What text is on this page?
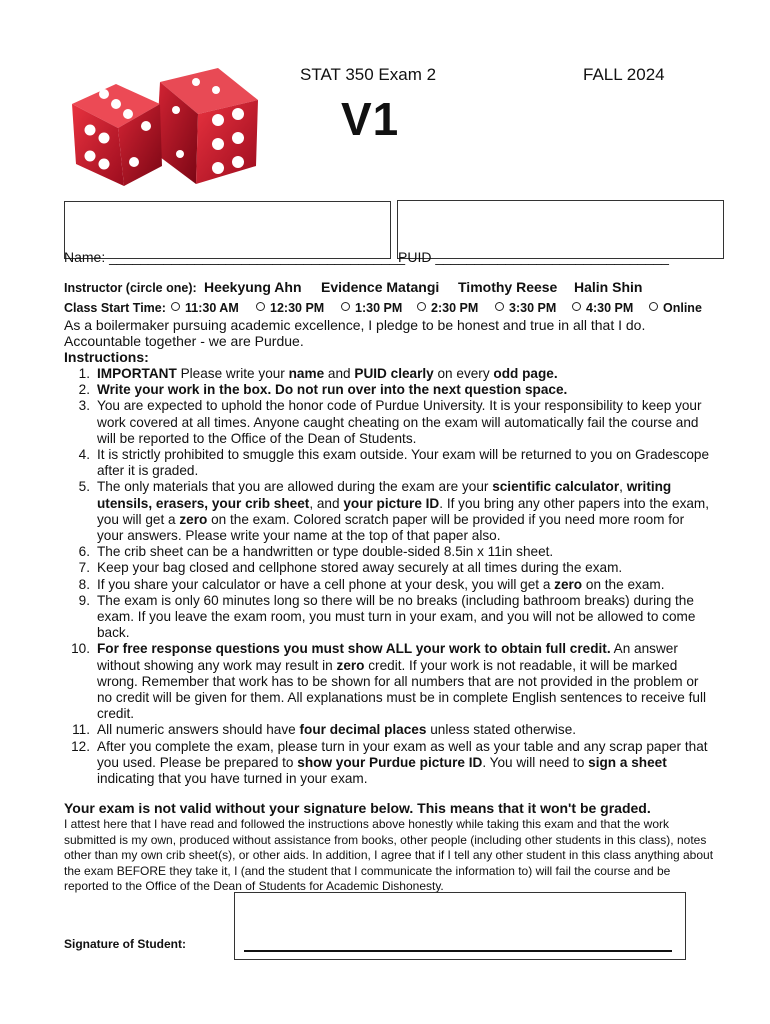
STAT 350 Exam 2	FALL 2024
V1
Name: ______________________________________
PUID ______________________________
Instructor (circle one): Heekyung Ahn Evidence Matangi Timothy Reese Halin Shin
Class Start Time:	11:30 AM	12:30 PM	1:30 PM	2:30 PM	3:30 PM	4:30 PM	Online
As a boilermaker pursuing academic excellence, I pledge to be honest and true in all that I do. Accountable together - we are Purdue.
Instructions:
1. IMPORTANT Please write your name and PUID clearly on every odd page.
2. Write your work in the box. Do not run over into the next question space.
3. You are expected to uphold the honor code of Purdue University. It is your responsibility to keep your work covered at all times. Anyone caught cheating on the exam will automatically fail the course and will be reported to the Office of the Dean of Students.
4. It is strictly prohibited to smuggle this exam outside. Your exam will be returned to you on Gradescope after it is graded.
5. The only materials that you are allowed during the exam are your scientific calculator, writing utensils, erasers, your crib sheet, and your picture ID. If you bring any other papers into the exam, you will get a zero on the exam. Colored scratch paper will be provided if you need more room for your answers. Please write your name at the top of that paper also.
6. The crib sheet can be a handwritten or type double-sided 8.5in x 11in sheet.
7. Keep your bag closed and cellphone stored away securely at all times during the exam.
8. If you share your calculator or have a cell phone at your desk, you will get a zero on the exam.
9. The exam is only 60 minutes long so there will be no breaks (including bathroom breaks) during the exam. If you leave the exam room, you must turn in your exam, and you will not be allowed to come back.
10. For free response questions you must show ALL your work to obtain full credit. An answer without showing any work may result in zero credit. If your work is not readable, it will be marked wrong. Remember that work has to be shown for all numbers that are not provided in the problem or no credit will be given for them. All explanations must be in complete English sentences to receive full credit.
11. All numeric answers should have four decimal places unless stated otherwise.
12. After you complete the exam, please turn in your exam as well as your table and any scrap paper that you used. Please be prepared to show your Purdue picture ID. You will need to sign a sheet indicating that you have turned in your exam.
Your exam is not valid without your signature below. This means that it won't be graded.
I attest here that I have read and followed the instructions above honestly while taking this exam and that the work submitted is my own, produced without assistance from books, other people (including other students in this class), notes other than my own crib sheet(s), or other aids. In addition, I agree that if I tell any other student in this class anything about the exam BEFORE they take it, I (and the student that I communicate the information to) will fail the course and be reported to the Office of the Dean of Students for Academic Dishonesty.
Signature of Student:
